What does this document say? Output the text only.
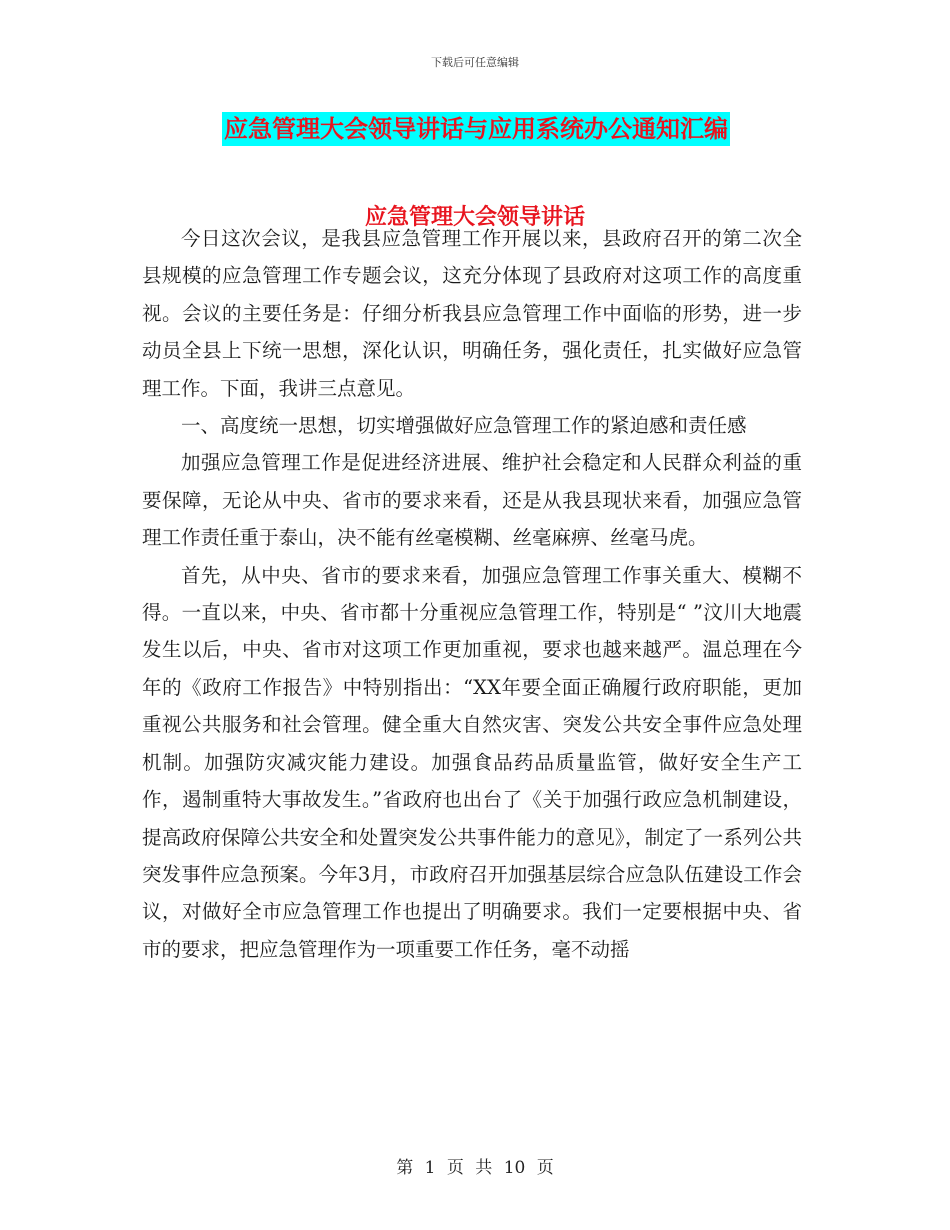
下载后可任意编辑
应急管理大会领导讲话与应用系统办公通知汇编
应急管理大会领导讲话

今日这次会议，是我县应急管理工作开展以来，县政府召开的第二次全县规模的应急管理工作专题会议，这充分体现了县政府对这项工作的高度重视。会议的主要任务是：仔细分析我县应急管理工作中面临的形势，进一步动员全县上下统一思想，深化认识，明确任务，强化责任，扎实做好应急管理工作。下面，我讲三点意见。

一、高度统一思想，切实增强做好应急管理工作的紧迫感和责任感

加强应急管理工作是促进经济进展、维护社会稳定和人民群众利益的重要保障，无论从中央、省市的要求来看，还是从我县现状来看，加强应急管理工作责任重于泰山，决不能有丝毫模糊、丝毫麻痹、丝毫马虎。

首先，从中央、省市的要求来看，加强应急管理工作事关重大、模糊不得。一直以来，中央、省市都十分重视应急管理工作，特别是“ ”汶川大地震发生以后，中央、省市对这项工作更加重视，要求也越来越严。温总理在今年的《政府工作报告》中特别指出：“XX年要全面正确履行政府职能，更加重视公共服务和社会管理。健全重大自然灾害、突发公共安全事件应急处理机制。加强防灾减灾能力建设。加强食品药品质量监管，做好安全生产工作，遏制重特大事故发生。”省政府也出台了《关于加强行政应急机制建设，提高政府保障公共安全和处置突发公共事件能力的意见》，制定了一系列公共突发事件应急预案。今年3月，市政府召开加强基层综合应急队伍建设工作会议，对做好全市应急管理工作也提出了明确要求。我们一定要根据中央、省市的要求，把应急管理作为一项重要工作任务，毫不动摇

第 1 页 共 10 页
